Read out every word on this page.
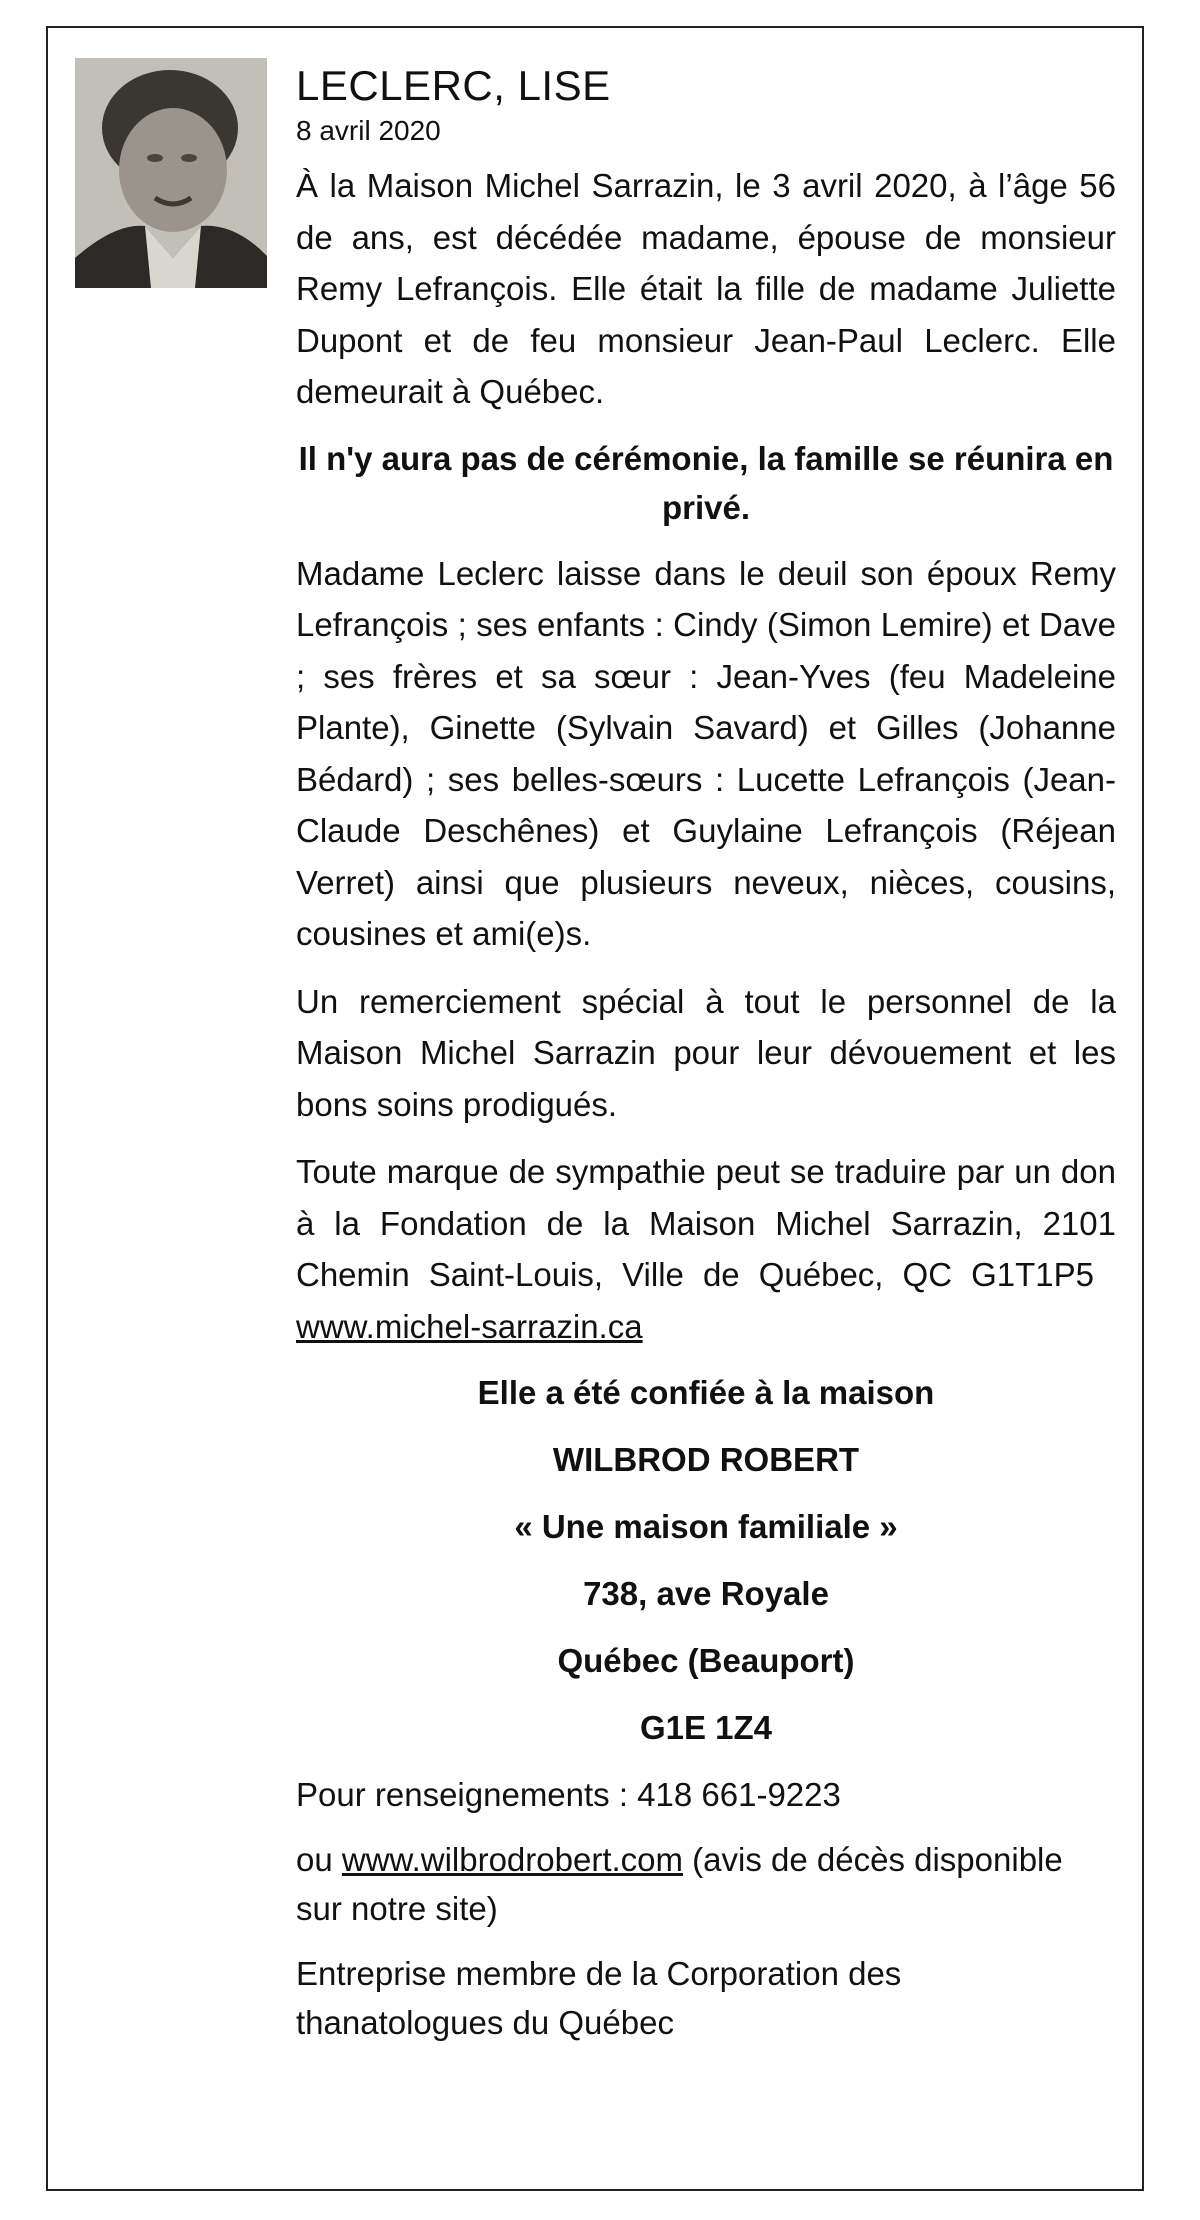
LECLERC, LISE
8 avril 2020

À la Maison Michel Sarrazin, le 3 avril 2020, à l’âge 56 de ans, est décédée madame, épouse de monsieur Remy Lefrançois. Elle était la fille de madame Juliette Dupont et de feu monsieur Jean-Paul Leclerc. Elle demeurait à Québec.

Il n'y aura pas de cérémonie, la famille se réunira en privé.

Madame Leclerc laisse dans le deuil son époux Remy Lefrançois ; ses enfants : Cindy (Simon Lemire) et Dave ; ses frères et sa sœur : Jean-Yves (feu Madeleine Plante), Ginette (Sylvain Savard) et Gilles (Johanne Bédard) ; ses belles-sœurs : Lucette Lefrançois (Jean-Claude Deschênes) et Guylaine Lefrançois (Réjean Verret) ainsi que plusieurs neveux, nièces, cousins, cousines et ami(e)s.

Un remerciement spécial à tout le personnel de la Maison Michel Sarrazin pour leur dévouement et les bons soins prodigués.

Toute marque de sympathie peut se traduire par un don à la Fondation de la Maison Michel Sarrazin, 2101 Chemin Saint-Louis, Ville de Québec, QC G1T1P5www.michel-sarrazin.ca

Elle a été confiée à la maison
WILBROD ROBERT
« Une maison familiale »
738, ave Royale
Québec (Beauport)
G1E 1Z4
Pour renseignements : 418 661-9223
ou www.wilbrodrobert.com (avis de décès disponible sur notre site)
Entreprise membre de la Corporation des thanatologues du Québec
